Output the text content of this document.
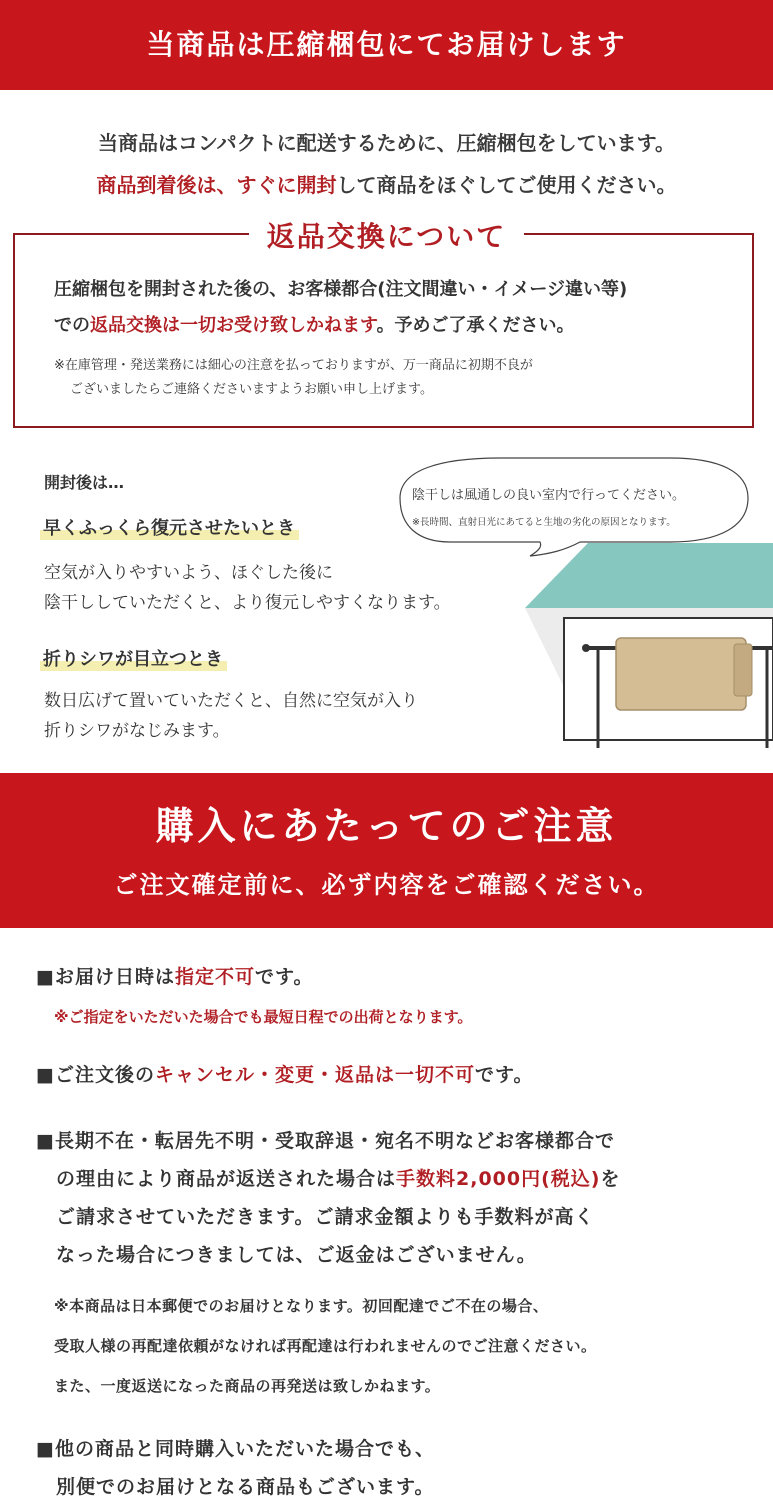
当商品は圧縮梱包にてお届けします
当商品はコンパクトに配送するために、圧縮梱包をしています。
商品到着後は、すぐに開封して商品をほぐしてご使用ください。
返品交換について
圧縮梱包を開封された後の、お客様都合(注文間違い・イメージ違い等)
での返品交換は一切お受け致しかねます。予めご了承ください。
※在庫管理・発送業務には細心の注意を払っておりますが、万一商品に初期不良が
ございましたらご連絡くださいますようお願い申し上げます。
開封後は…
早くふっくら復元させたいとき
空気が入りやすいよう、ほぐした後に
陰干ししていただくと、より復元しやすくなります。
折りシワが目立つとき
数日広げて置いていただくと、自然に空気が入り
折りシワがなじみます。
陰干しは風通しの良い室内で行ってください。
※長時間、直射日光にあてると生地の劣化の原因となります。
購入にあたってのご注意
ご注文確定前に、必ず内容をご確認ください。
■お届け日時は指定不可です。
※ご指定をいただいた場合でも最短日程での出荷となります。
■ご注文後のキャンセル・変更・返品は一切不可です。
■長期不在・転居先不明・受取辞退・宛名不明などお客様都合で
の理由により商品が返送された場合は手数料2,000円(税込)を
ご請求させていただきます。ご請求金額よりも手数料が高く
なった場合につきましては、ご返金はございません。
※本商品は日本郵便でのお届けとなります。初回配達でご不在の場合、
受取人様の再配達依頼がなければ再配達は行われませんのでご注意ください。
また、一度返送になった商品の再発送は致しかねます。
■他の商品と同時購入いただいた場合でも、
別便でのお届けとなる商品もございます。
